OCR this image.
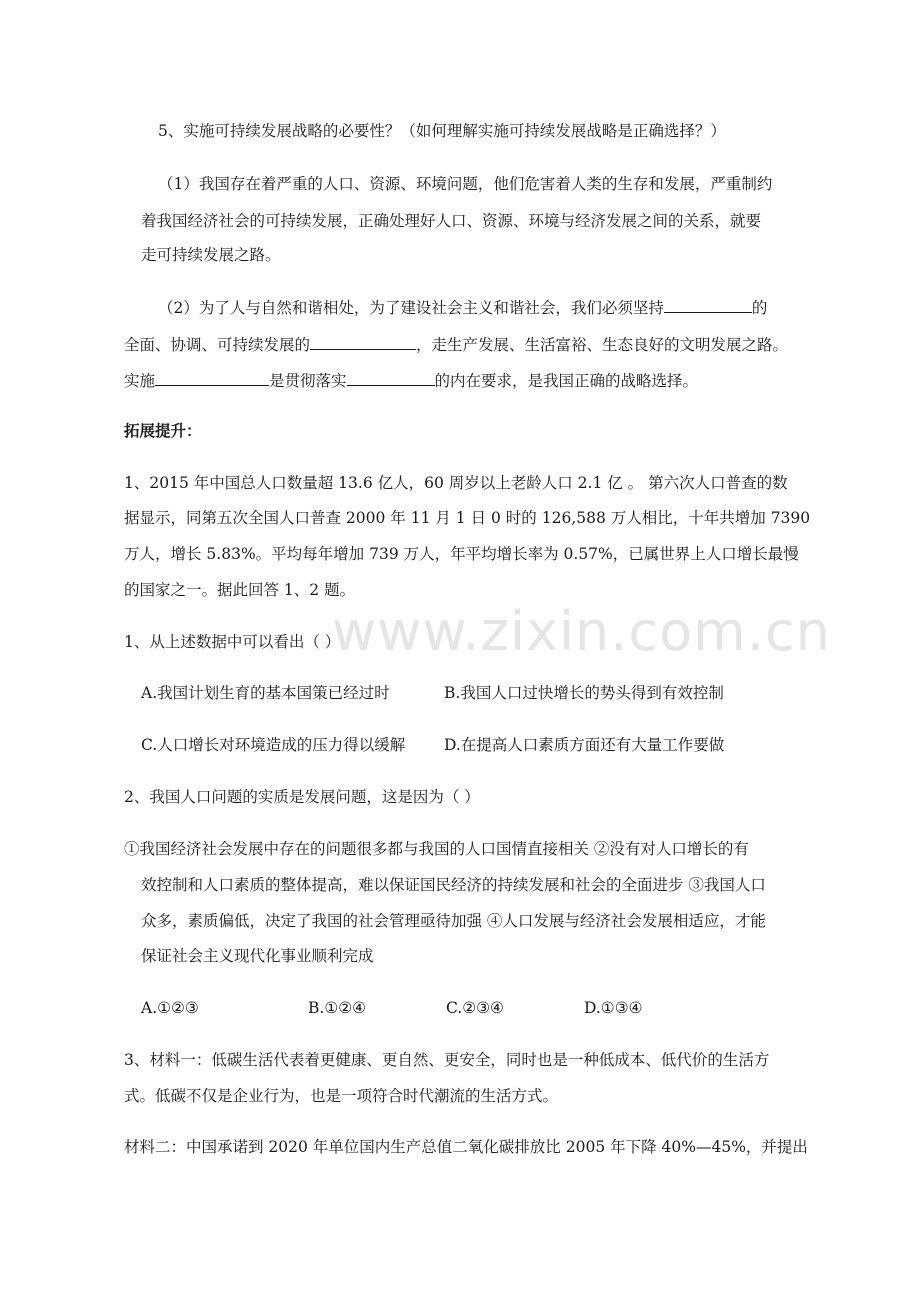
5、实施可持续发展战略的必要性？（如何理解实施可持续发展战略是正确选择？）
（1）我国存在着严重的人口、资源、环境问题，他们危害着人类的生存和发展，严重制约
着我国经济社会的可持续发展，正确处理好人口、资源、环境与经济发展之间的关系，就要
走可持续发展之路。
（2）为了人与自然和谐相处，为了建设社会主义和谐社会，我们必须坚持	的
全面、协调、可持续发展的	，走生产发展、生活富裕、生态良好的文明发展之路。
实施	是贯彻落实	的内在要求，是我国正确的战略选择。
拓展提升：
1、2015 年中国总人口数量超 13.6 亿人，60 周岁以上老龄人口 2.1 亿 。 第六次人口普查的数
据显示，同第五次全国人口普查 2000 年 11 月 1 日 0 时的 126,588 万人相比，十年共增加 7390
万人，增长 5.83%。平均每年增加 739 万人，年平均增长率为 0.57%，已属世界上人口增长最慢
的国家之一。据此回答 1、2 题。
www.zixin.com.cn
1、从上述数据中可以看出（ ）
A.我国计划生育的基本国策已经过时	B.我国人口过快增长的势头得到有效控制
C.人口增长对环境造成的压力得以缓解	D.在提高人口素质方面还有大量工作要做
2、我国人口问题的实质是发展问题，这是因为（ ）
①我国经济社会发展中存在的问题很多都与我国的人口国情直接相关 ②没有对人口增长的有
效控制和人口素质的整体提高，难以保证国民经济的持续发展和社会的全面进步 ③我国人口
众多，素质偏低，决定了我国的社会管理亟待加强 ④人口发展与经济社会发展相适应，才能
保证社会主义现代化事业顺利完成
A.①②③	B.①②④	C.②③④	D.①③④
3、材料一：低碳生活代表着更健康、更自然、更安全，同时也是一种低成本、低代价的生活方
式。低碳不仅是企业行为，也是一项符合时代潮流的生活方式。
材料二：中国承诺到 2020 年单位国内生产总值二氧化碳排放比 2005 年下降 40%—45%，并提出
